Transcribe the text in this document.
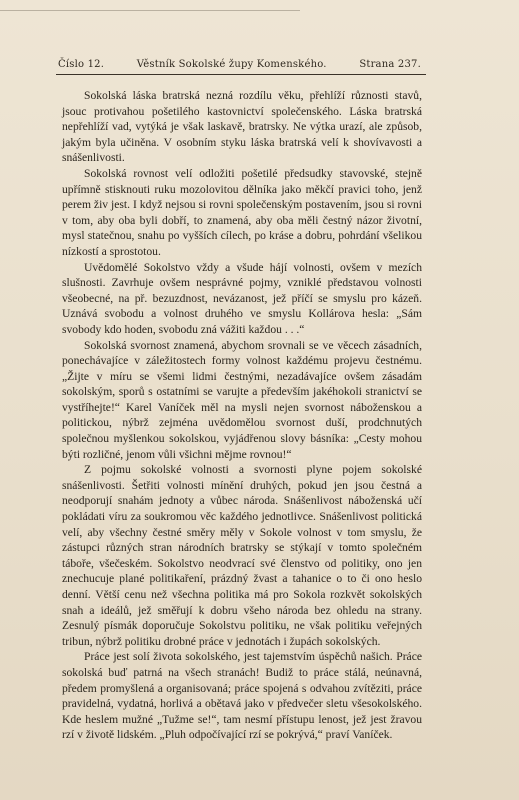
Číslo 12.	Věstník Sokolské župy Komenského.	Strana 237.

Sokolská láska bratrská nezná rozdílu věku, přehlíží různosti stavů, jsouc protivahou pošetilého kastovnictví společenského. Láska bratrská nepřehlíží vad, vytýká je však laskavě, bratrsky. Ne výtka urazí, ale způsob, jakým byla učiněna. V osobním styku láska bratrská velí k shovívavosti a snášenlivosti.

Sokolská rovnost velí odložiti pošetilé předsudky stavovské, stejně upřímně stisknouti ruku mozolovitou dělníka jako měkčí pravici toho, jenž perem živ jest. I když nejsou si rovni společenským postavením, jsou si rovni v tom, aby oba byli dobří, to znamená, aby oba měli čestný názor životní, mysl statečnou, snahu po vyšších cílech, po kráse a dobru, pohrdání všelikou nízkostí a sprostotou.

Uvědomělé Sokolstvo vždy a všude hájí volnosti, ovšem v mezích slušnosti. Zavrhuje ovšem nesprávné pojmy, vzniklé představou volnosti všeobecné, na př. bezuzdnost, nevázanost, jež příčí se smyslu pro kázeň. Uznává svobodu a volnost druhého ve smyslu Kollárova hesla: „Sám svobody kdo hoden, svobodu zná vážiti každou . . .“

Sokolská svornost znamená, abychom srovnali se ve věcech zásadních, ponechávajíce v záležitostech formy volnost každému projevu čestnému. „Žijte v míru se všemi lidmi čestnými, nezadávajíce ovšem zásadám sokolským, sporů s ostatními se varujte a především jakéhokoli stranictví se vystříhejte!“ Karel Vaníček měl na mysli nejen svornost náboženskou a politickou, nýbrž zejména uvědomělou svornost duší, prodchnutých společnou myšlenkou sokolskou, vyjádřenou slovy básníka: „Cesty mohou býti rozličné, jenom vůli všichni mějme rovnou!“

Z pojmu sokolské volnosti a svornosti plyne pojem sokolské snášenlivosti. Šetřiti volnosti mínění druhých, pokud jen jsou čestná a neodporují snahám jednoty a vůbec národa. Snášenlivost náboženská učí pokládati víru za soukromou věc každého jednotlivce. Snášenlivost politická velí, aby všechny čestné směry měly v Sokole volnost v tom smyslu, že zástupci různých stran národních bratrsky se stýkají v tomto společném táboře, všečeském. Sokolstvo neodvrací své členstvo od politiky, ono jen znechucuje plané politikaření, prázdný žvast a tahanice o to či ono heslo denní. Větší cenu než všechna politika má pro Sokola rozkvět sokolských snah a ideálů, jež směřují k dobru všeho národa bez ohledu na strany. Zesnulý písmák doporučuje Sokolstvu politiku, ne však politiku veřejných tribun, nýbrž politiku drobné práce v jednotách i župách sokolských.

Práce jest solí života sokolského, jest tajemstvím úspěchů našich. Práce sokolská buď patrná na všech stranách! Budiž to práce stálá, neúnavná, předem promyšlená a organisovaná; práce spojená s odvahou zvítěziti, práce pravidelná, vydatná, horlivá a obětavá jako v předvečer sletu všesokolského. Kde heslem mužné „Tužme se!“, tam nesmí přístupu lenost, jež jest žravou rzí v životě lidském. „Pluh odpočívající rzí se pokrývá,“ praví Vaníček.
